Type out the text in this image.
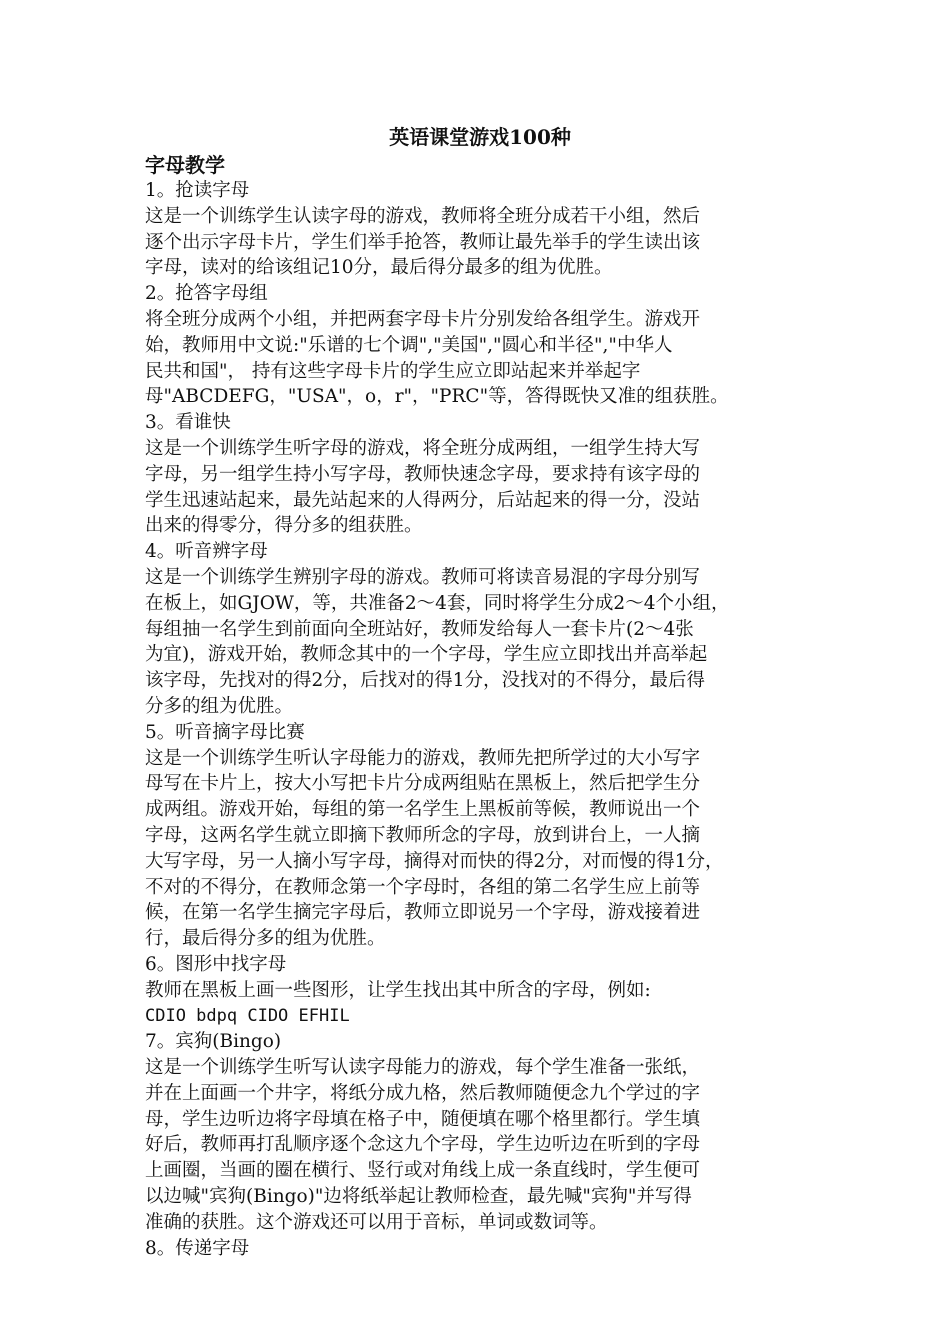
英语课堂游戏100种
字母教学
1。抢读字母
这是一个训练学生认读字母的游戏，教师将全班分成若干小组，然后
逐个出示字母卡片，学生们举手抢答，教师让最先举手的学生读出该
字母，读对的给该组记10分，最后得分最多的组为优胜。
2。抢答字母组
将全班分成两个小组，并把两套字母卡片分别发给各组学生。游戏开
始，教师用中文说:"乐谱的七个调","美国","圆心和半径","中华人
民共和国"， 持有这些字母卡片的学生应立即站起来并举起字
母"ABCDEFG，"USA"，o，r"，"PRC"等，答得既快又准的组获胜。
3。看谁快
这是一个训练学生听字母的游戏，将全班分成两组，一组学生持大写
字母，另一组学生持小写字母，教师快速念字母，要求持有该字母的
学生迅速站起来，最先站起来的人得两分，后站起来的得一分，没站
出来的得零分，得分多的组获胜。
4。听音辨字母
这是一个训练学生辨别字母的游戏。教师可将读音易混的字母分别写
在板上，如GJOW，等，共准备2～4套，同时将学生分成2～4个小组，
每组抽一名学生到前面向全班站好，教师发给每人一套卡片(2～4张
为宜)，游戏开始，教师念其中的一个字母，学生应立即找出并高举起
该字母，先找对的得2分，后找对的得1分，没找对的不得分，最后得
分多的组为优胜。
5。听音摘字母比赛
这是一个训练学生听认字母能力的游戏，教师先把所学过的大小写字
母写在卡片上，按大小写把卡片分成两组贴在黑板上，然后把学生分
成两组。游戏开始，每组的第一名学生上黑板前等候，教师说出一个
字母，这两名学生就立即摘下教师所念的字母，放到讲台上，一人摘
大写字母，另一人摘小写字母，摘得对而快的得2分，对而慢的得1分，
不对的不得分，在教师念第一个字母时，各组的第二名学生应上前等
候，在第一名学生摘完字母后，教师立即说另一个字母，游戏接着进
行，最后得分多的组为优胜。
6。图形中找字母
教师在黑板上画一些图形，让学生找出其中所含的字母，例如:
CDIO bdpq CIDO EFHIL
7。宾狗(Bingo)
这是一个训练学生听写认读字母能力的游戏，每个学生准备一张纸，
并在上面画一个井字，将纸分成九格，然后教师随便念九个学过的字
母，学生边听边将字母填在格子中，随便填在哪个格里都行。学生填
好后，教师再打乱顺序逐个念这九个字母，学生边听边在听到的字母
上画圈，当画的圈在横行、竖行或对角线上成一条直线时，学生便可
以边喊"宾狗(Bingo)"边将纸举起让教师检查，最先喊"宾狗"并写得
准确的获胜。这个游戏还可以用于音标，单词或数词等。
8。传递字母
